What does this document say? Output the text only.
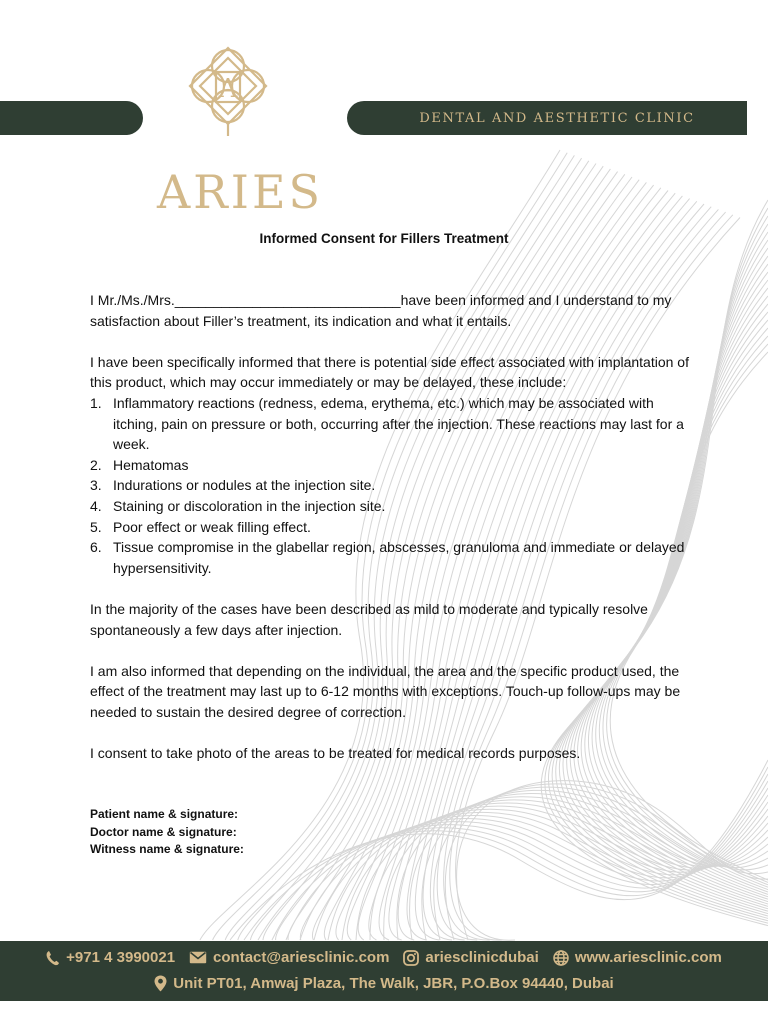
DENTAL AND AESTHETIC CLINIC
A
ARIES
Informed Consent for Fillers Treatment

I Mr./Ms./Mrs._____________________________have been informed and I understand to my satisfaction about Filler’s treatment, its indication and what it entails.

I have been specifically informed that there is potential side effect associated with implantation of this product, which may occur immediately or may be delayed, these include:

1. Inflammatory reactions (redness, edema, erythema, etc.) which may be associated with itching, pain on pressure or both, occurring after the injection. These reactions may last for a week.
2. Hematomas
3. Indurations or nodules at the injection site.
4. Staining or discoloration in the injection site.
5. Poor effect or weak filling effect.
6. Tissue compromise in the glabellar region, abscesses, granuloma and immediate or delayed hypersensitivity.

In the majority of the cases have been described as mild to moderate and typically resolve spontaneously a few days after injection.

I am also informed that depending on the individual, the area and the specific product used, the effect of the treatment may last up to 6-12 months with exceptions. Touch-up follow-ups may be needed to sustain the desired degree of correction.

I consent to take photo of the areas to be treated for medical records purposes.

Patient name & signature:
Doctor name & signature:
Witness name & signature:
+971 4 3990021	contact@ariesclinic.com ariesclinicdubai www.ariesclinic.com
Unit PT01, Amwaj Plaza, The Walk, JBR, P.O.Box 94440, Dubai
